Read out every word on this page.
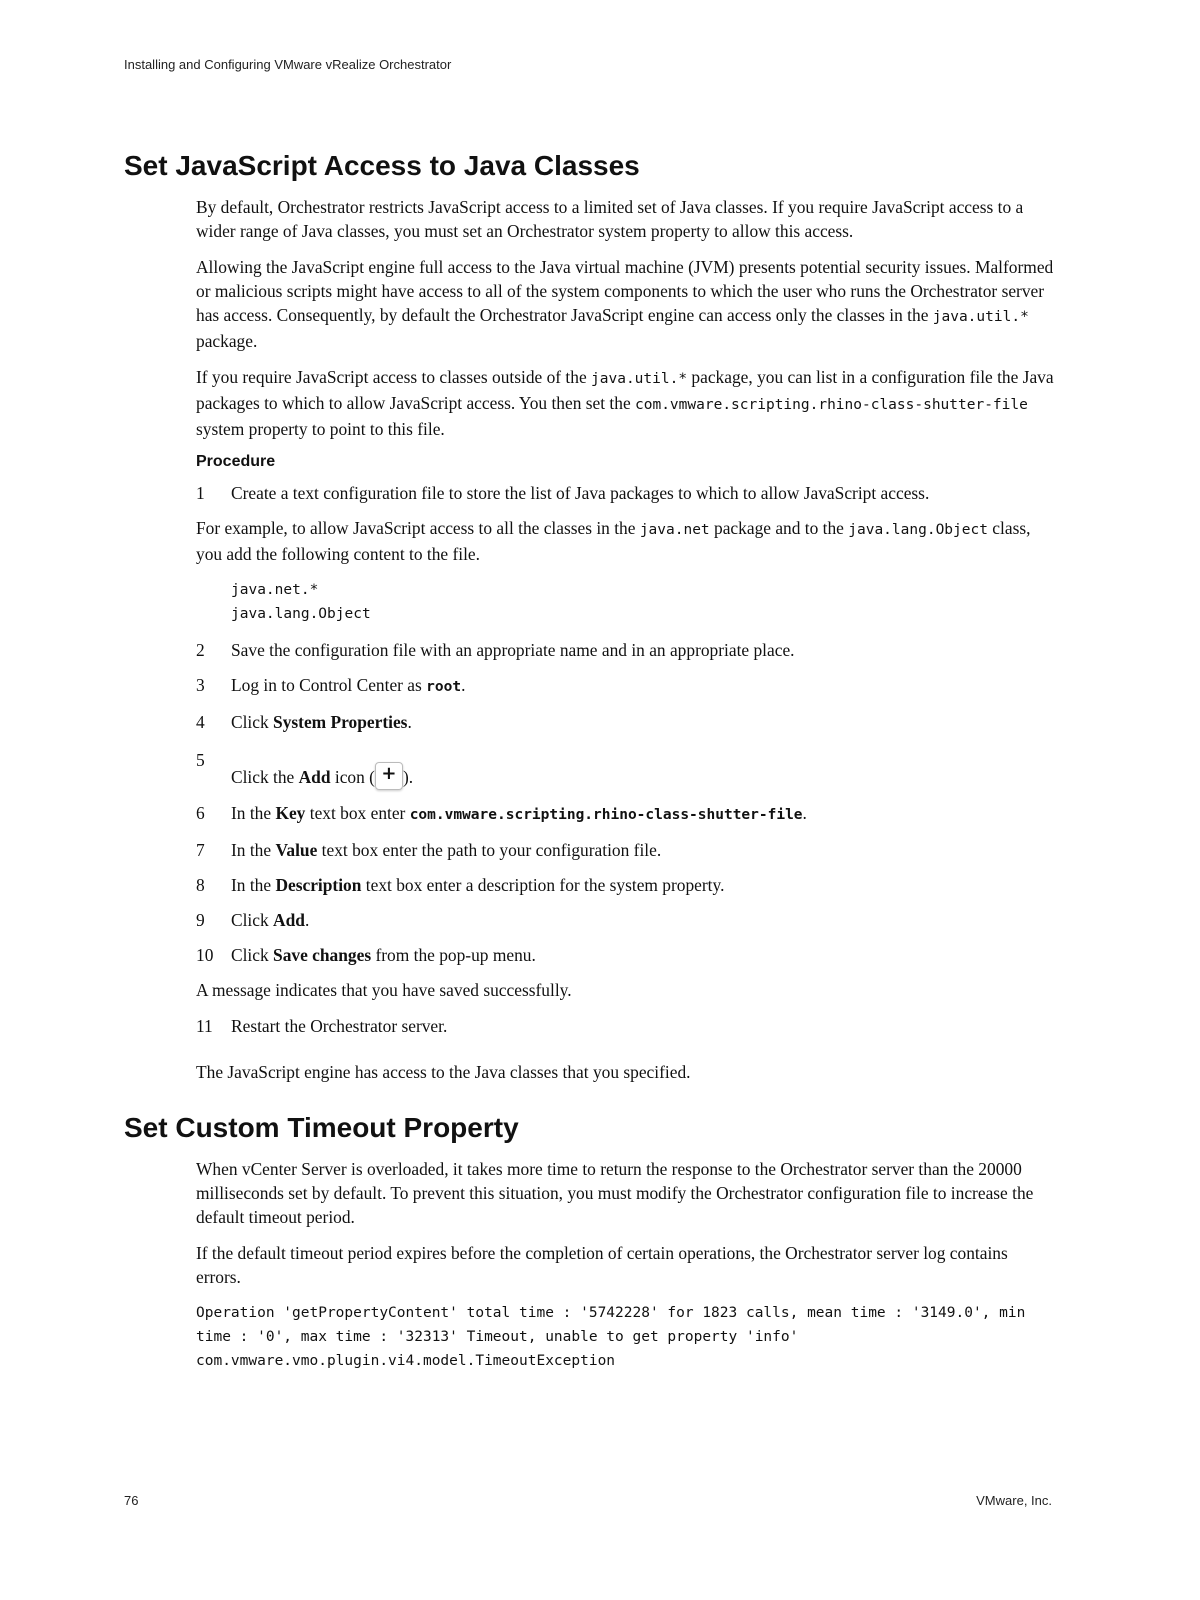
Installing and Configuring VMware vRealize Orchestrator
Set JavaScript Access to Java Classes

By default, Orchestrator restricts JavaScript access to a limited set of Java classes. If you require JavaScript access to a wider range of Java classes, you must set an Orchestrator system property to allow this access.

Allowing the JavaScript engine full access to the Java virtual machine (JVM) presents potential security issues. Malformed or malicious scripts might have access to all of the system components to which the user who runs the Orchestrator server has access. Consequently, by default the Orchestrator JavaScript engine can access only the classes in the java.util.* package.

If you require JavaScript access to classes outside of the java.util.* package, you can list in a configuration file the Java packages to which to allow JavaScript access. You then set the com.vmware.scripting.rhino-class-shutter-file system property to point to this file.

Procedure
1	Create a text configuration file to store the list of Java packages to which to allow JavaScript access.

For example, to allow JavaScript access to all the classes in the java.net package and to the java.lang.Object class, you add the following content to the file.

java.net.*
java.lang.Object
2	Save the configuration file with an appropriate name and in an appropriate place.
3	Log in to Control Center as root.
4	Click System Properties.
5
Click the Add icon ( + ).
6	In the Key text box enter com.vmware.scripting.rhino-class-shutter-file.
7	In the Value text box enter the path to your configuration file.
8	In the Description text box enter a description for the system property.
9	Click Add.
10	Click Save changes from the pop-up menu.

A message indicates that you have saved successfully.

11	Restart the Orchestrator server.

The JavaScript engine has access to the Java classes that you specified.

Set Custom Timeout Property

When vCenter Server is overloaded, it takes more time to return the response to the Orchestrator server than the 20000 milliseconds set by default. To prevent this situation, you must modify the Orchestrator configuration file to increase the default timeout period.

If the default timeout period expires before the completion of certain operations, the Orchestrator server log contains errors.

Operation 'getPropertyContent' total time : '5742228' for 1823 calls, mean time : '3149.0', min time : '0', max time : '32313' Timeout, unable to get property 'info' com.vmware.vmo.plugin.vi4.model.TimeoutException
76	VMware, Inc.
